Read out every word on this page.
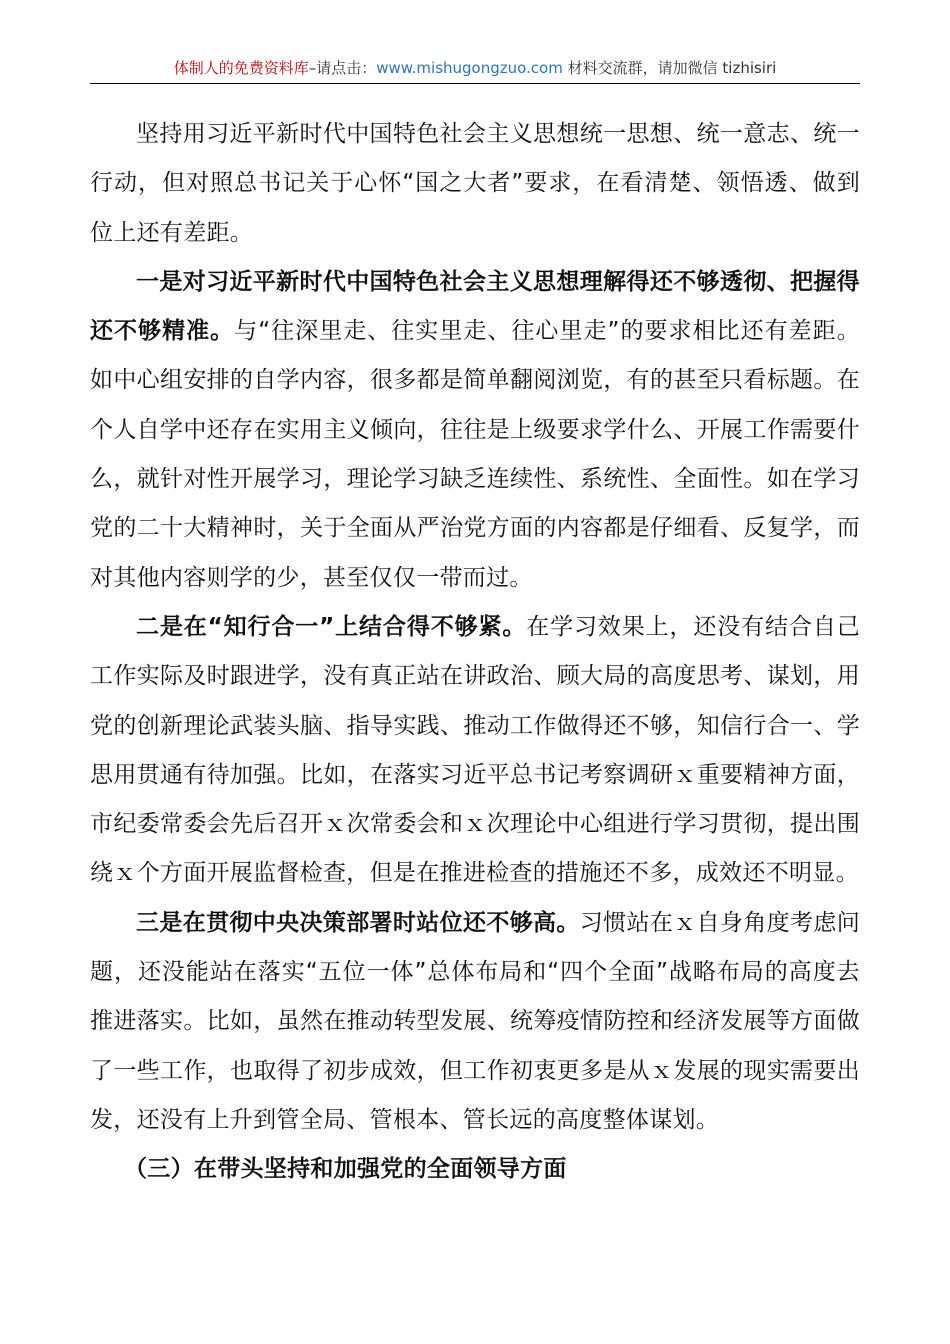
体制人的免费资料库–请点击：www.mishugongzuo.com 材料交流群，请加微信 tizhisiri

坚持用习近平新时代中国特色社会主义思想统一思想、统一意志、统一行动，但对照总书记关于心怀“国之大者”要求，在看清楚、领悟透、做到位上还有差距。

一是对习近平新时代中国特色社会主义思想理解得还不够透彻、把握得还不够精准。与“往深里走、往实里走、往心里走”的要求相比还有差距。如中心组安排的自学内容，很多都是简单翻阅浏览，有的甚至只看标题。在个人自学中还存在实用主义倾向，往往是上级要求学什么、开展工作需要什么，就针对性开展学习，理论学习缺乏连续性、系统性、全面性。如在学习党的二十大精神时，关于全面从严治党方面的内容都是仔细看、反复学，而对其他内容则学的少，甚至仅仅一带而过。

二是在“知行合一”上结合得不够紧。在学习效果上，还没有结合自己工作实际及时跟进学，没有真正站在讲政治、顾大局的高度思考、谋划，用党的创新理论武装头脑、指导实践、推动工作做得还不够，知信行合一、学思用贯通有待加强。比如，在落实习近平总书记考察调研ｘ重要精神方面，市纪委常委会先后召开ｘ次常委会和ｘ次理论中心组进行学习贯彻，提出围绕ｘ个方面开展监督检查，但是在推进检查的措施还不多，成效还不明显。

三是在贯彻中央决策部署时站位还不够高。习惯站在ｘ自身角度考虑问题，还没能站在落实“五位一体”总体布局和“四个全面”战略布局的高度去推进落实。比如，虽然在推动转型发展、统筹疫情防控和经济发展等方面做了一些工作，也取得了初步成效，但工作初衷更多是从ｘ发展的现实需要出发，还没有上升到管全局、管根本、管长远的高度整体谋划。

（三）在带头坚持和加强党的全面领导方面
